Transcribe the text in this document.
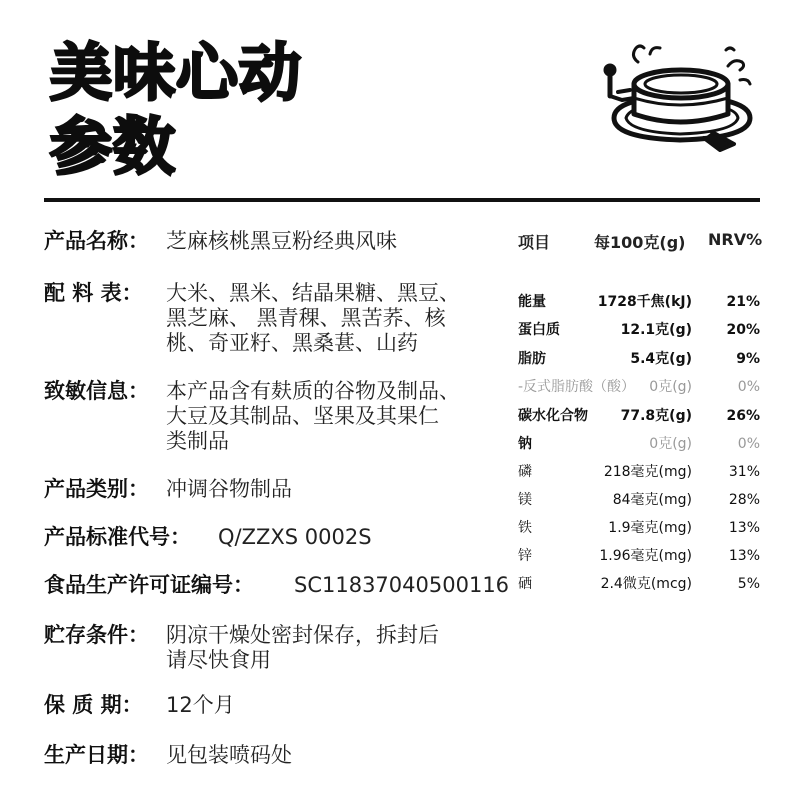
美味心动
参数
产品名称： 芝麻核桃黑豆粉经典风味
配 料 表： 大米、黑米、结晶果糖、黑豆、
黑芝麻、 黑青稞、黑苦荞、核
桃、奇亚籽、黑桑葚、山药
致敏信息： 本产品含有麸质的谷物及制品、
大豆及其制品、坚果及其果仁
类制品
产品类别： 冲调谷物制品
产品标准代号： Q/ZZXS 0002S
食品生产许可证编号： SC11837040500116
贮存条件： 阴凉干燥处密封保存，拆封后
请尽快食用
保 质 期： 12个月
生产日期： 见包装喷码处
项目	每100克(g) NRV%
能量	1728千焦(kJ) 21%
蛋白质	12.1克(g) 20%
脂肪	5.4克(g)	9%
-反式脂肪酸（酸） 0克(g)	0%
碳水化合物 77.8克(g) 26%
钠	0克(g)	0%
磷	218毫克(mg)	31%
镁	84毫克(mg)	28%
铁	1.9毫克(mg)	13%
锌	1.96毫克(mg)	13%
硒	2.4微克(mcg)	5%
